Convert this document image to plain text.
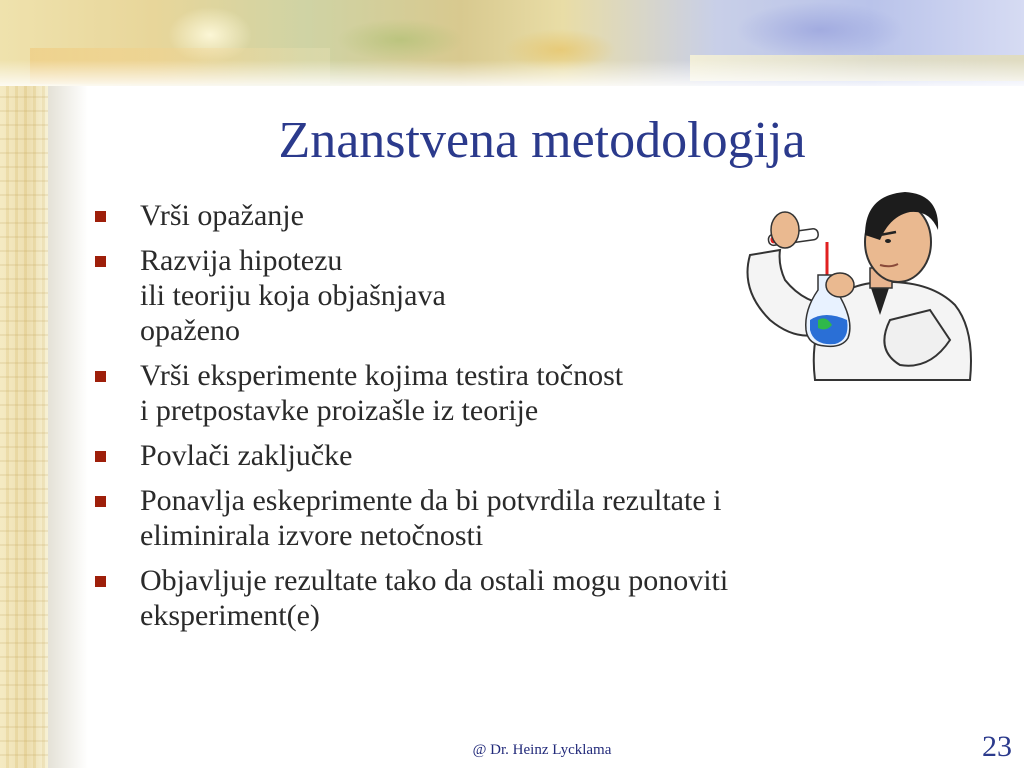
Znanstvena metodologija
Vrši opažanje
Razvija hipotezu
ili teoriju koja objašnjava
opaženo
Vrši eksperimente kojima testira točnost
i pretpostavke proizašle iz teorije
Povlači zaključke
Ponavlja eskeprimente da bi potvrdila rezultate i
eliminirala izvore netočnosti
Objavljuje rezultate tako da ostali mogu ponoviti
eksperiment(e)
@ Dr. Heinz Lycklama	23
